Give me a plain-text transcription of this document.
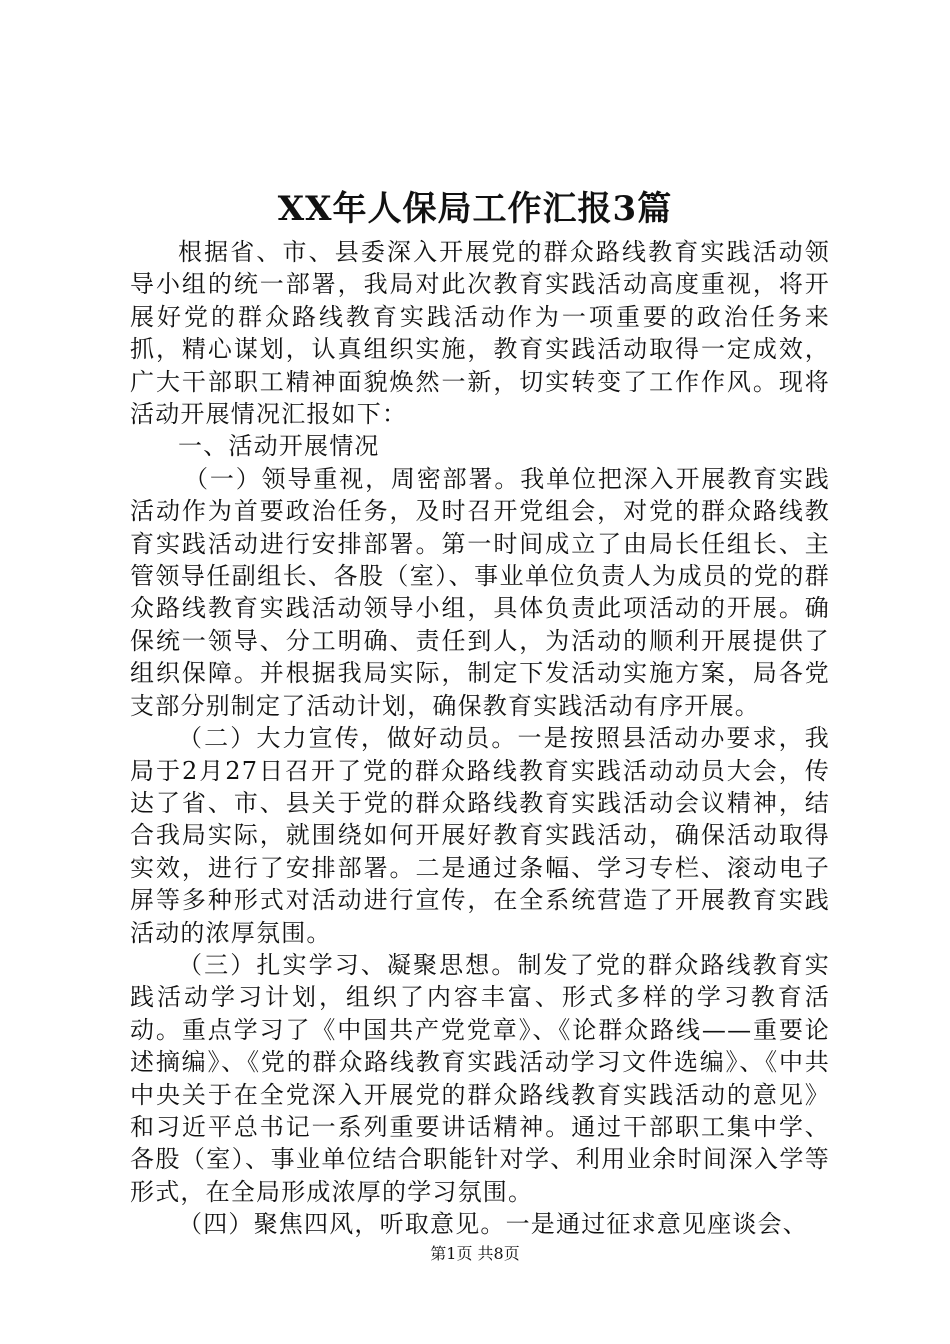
XX年人保局工作汇报3篇

根据省、市、县委深入开展党的群众路线教育实践活动领导小组的统一部署，我局对此次教育实践活动高度重视，将开展好党的群众路线教育实践活动作为一项重要的政治任务来抓，精心谋划，认真组织实施，教育实践活动取得一定成效，广大干部职工精神面貌焕然一新，切实转变了工作作风。现将活动开展情况汇报如下：

一、活动开展情况

（一）领导重视，周密部署。我单位把深入开展教育实践活动作为首要政治任务，及时召开党组会，对党的群众路线教育实践活动进行安排部署。第一时间成立了由局长任组长、主管领导任副组长、各股（室）、事业单位负责人为成员的党的群众路线教育实践活动领导小组，具体负责此项活动的开展。确保统一领导、分工明确、责任到人，为活动的顺利开展提供了组织保障。并根据我局实际，制定下发活动实施方案，局各党支部分别制定了活动计划，确保教育实践活动有序开展。

（二）大力宣传，做好动员。一是按照县活动办要求，我局于2月27日召开了党的群众路线教育实践活动动员大会，传达了省、市、县关于党的群众路线教育实践活动会议精神，结合我局实际，就围绕如何开展好教育实践活动，确保活动取得实效，进行了安排部署。二是通过条幅、学习专栏、滚动电子屏等多种形式对活动进行宣传，在全系统营造了开展教育实践活动的浓厚氛围。

（三）扎实学习、凝聚思想。制发了党的群众路线教育实践活动学习计划，组织了内容丰富、形式多样的学习教育活动。重点学习了《中国共产党党章》、《论群众路线——重要论述摘编》、《党的群众路线教育实践活动学习文件选编》、《中共中央关于在全党深入开展党的群众路线教育实践活动的意见》和习近平总书记一系列重要讲话精神。通过干部职工集中学、各股（室）、事业单位结合职能针对学、利用业余时间深入学等形式，在全局形成浓厚的学习氛围。

（四）聚焦四风，听取意见。一是通过征求意见座谈会、

第1页 共8页
